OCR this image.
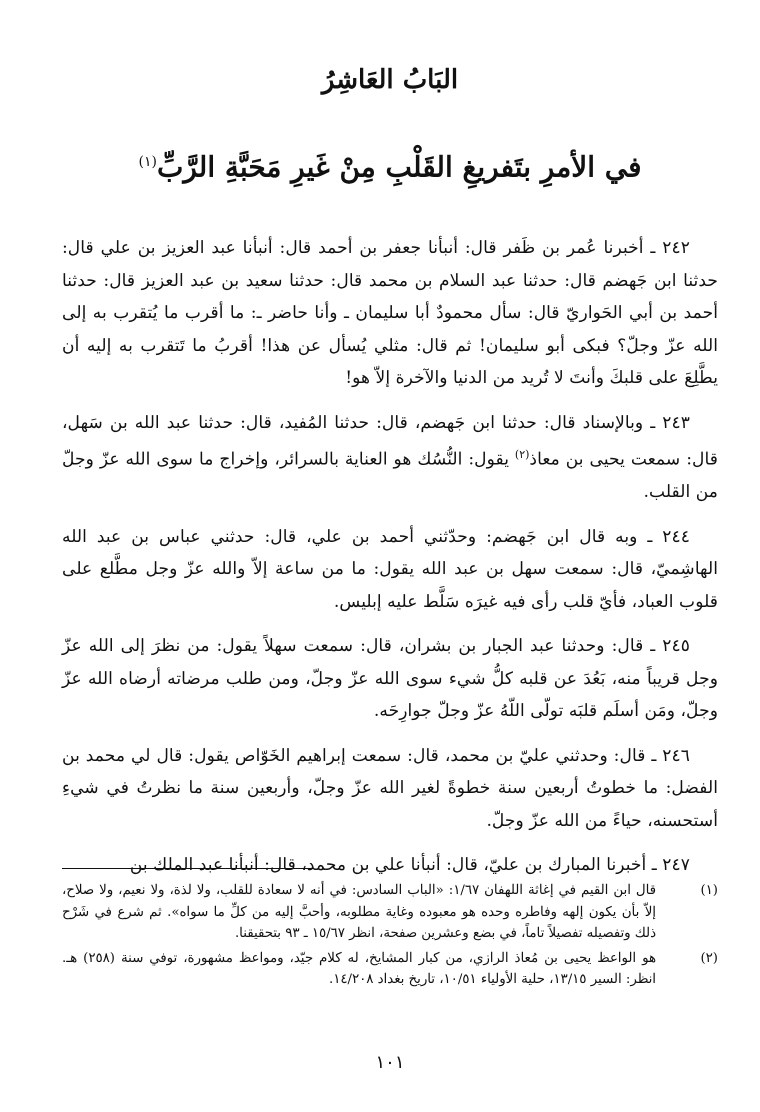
البَابُ العَاشِرُ
في الأمرِ بتَفريغِ القَلْبِ مِنْ غَيرِ مَحَبَّةِ الرَّبِّ$^{(١)}$

٢٤٢ ـ أخبرنا عُمر بن ظَفر قال: أنبأنا جعفر بن أحمد قال: أنبأنا عبد العزيز بن علي قال: حدثنا ابن جَهضم قال: حدثنا عبد السلام بن محمد قال: حدثنا سعيد بن عبد العزيز قال: حدثنا أحمد بن أبي الحَواريّ قال: سأل محمودٌ أبا سليمان ـ وأنا حاضر ـ: ما أقرب ما يُتقرب به إلى الله عزّ وجلّ؟ فبكى أبو سليمان! ثم قال: مثلي يُسأل عن هذا! أقربُ ما تَتقرب به إليه أن يطَّلِعَ على قلبكَ وأنتَ لا تُريد من الدنيا والآخرة إلاّ هو!

٢٤٣ ـ وبالإسناد قال: حدثنا ابن جَهضم، قال: حدثنا المُفيد، قال: حدثنا عبد الله بن سَهل، قال: سمعت يحيى بن معاذ$^{(٢)}$ يقول: النُّسُك هو العناية بالسرائر، وإخراج ما سوى الله عزّ وجلّ من القلب.

٢٤٤ ـ وبه قال ابن جَهضم: وحدّثني أحمد بن علي، قال: حدثني عباس بن عبد الله الهاشِميّ، قال: سمعت سهل بن عبد الله يقول: ما من ساعة إلاّ والله عزّ وجل مطَّلع على قلوب العباد، فأيّ قلب رأى فيه غيرَه سَلَّط عليه إبليس.

٢٤٥ ـ قال: وحدثنا عبد الجبار بن بشران، قال: سمعت سهلاً يقول: من نظرَ إلى الله عزّ وجل قريباً منه، بَعُدَ عن قلبه كلُّ شيء سوى الله عزّ وجلّ، ومن طلب مرضاته أرضاه الله عزّ وجلّ، ومَن أسلَم قلبَه تولّى اللّهُ عزّ وجلّ جوارِحَه.

٢٤٦ ـ قال: وحدثني عليّ بن محمد، قال: سمعت إبراهيم الخَوّاص يقول: قال لي محمد بن الفضل: ما خطوتُ أربعين سنة خطوةً لغير الله عزّ وجلّ، وأربعين سنة ما نظرتُ في شيءِ أستحسنه، حياءً من الله عزّ وجلّ.

٢٤٧ ـ أخبرنا المبارك بن عليّ، قال: أنبأنا علي بن محمد، قال: أنبأنا عبد الملك بن

(١)
قال ابن القيم في إغاثة اللهفان ١/٦٧: «الباب السادس: في أنه لا سعادة للقلب، ولا لذة، ولا نعيم، ولا صلاح، إلاّ بأن يكون إلهه وفاطره وحده هو معبوده وغاية مطلوبه، وأحبَّ إليه من كلِّ ما سواه». ثم شرع في شَرْح ذلك وتفصيله تفصيلاً تاماً، في بضع وعشرين صفحة، انظر ١٥/٦٧ ـ ٩٣ بتحقيقنا.
(٢)
هو الواعظ يحيى بن مُعاذ الرازي، من كبار المشايخ، له كلام جيّد، ومواعظ مشهورة، توفي سنة (٢٥٨) هـ. انظر: السير ١٣/١٥، حلية الأولياء ١٠/٥١، تاريخ بغداد ١٤/٢٠٨.
١٠١
